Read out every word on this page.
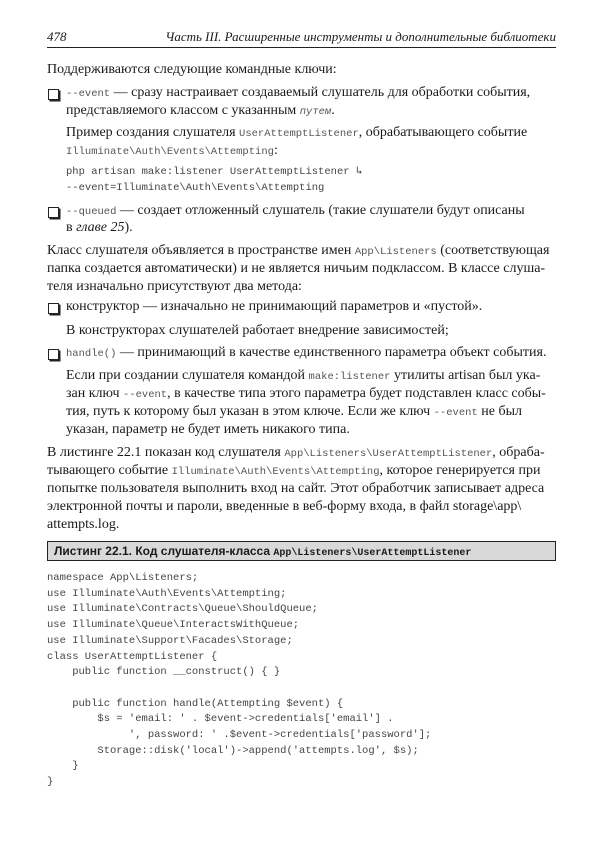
478	Часть III. Расширенные инструменты и дополнительные библиотеки
Поддерживаются следующие командные ключи:
--event — сразу настраивает создаваемый слушатель для обработки события,
представляемого классом с указанным путем.
Пример создания слушателя UserAttemptListener, обрабатывающего событие
Illuminate\Auth\Events\Attempting:
php artisan make:listener UserAttemptListener ↳
--event=Illuminate\Auth\Events\Attempting
--queued — создает отложенный слушатель (такие слушатели будут описаны
в главе 25).
Класс слушателя объявляется в пространстве имен App\Listeners (соответствующая
папка создается автоматически) и не является ничьим подклассом. В классе слуша-
теля изначально присутствуют два метода:
конструктор — изначально не принимающий параметров и «пустой».
В конструкторах слушателей работает внедрение зависимостей;
handle() — принимающий в качестве единственного параметра объект события.
Если при создании слушателя командой make:listener утилиты artisan был ука-
зан ключ --event, в качестве типа этого параметра будет подставлен класс собы-
тия, путь к которому был указан в этом ключе. Если же ключ --event не был
указан, параметр не будет иметь никакого типа.
В листинге 22.1 показан код слушателя App\Listeners\UserAttemptListener, обраба-
тывающего событие Illuminate\Auth\Events\Attempting, которое генерируется при
попытке пользователя выполнить вход на сайт. Этот обработчик записывает адреса
электронной почты и пароли, введенные в веб-форму входа, в файл storage\app\
attempts.log.
Листинг 22.1. Код слушателя-класса App\Listeners\UserAttemptListener
namespace App\Listeners;
use Illuminate\Auth\Events\Attempting;
use Illuminate\Contracts\Queue\ShouldQueue;
use Illuminate\Queue\InteractsWithQueue;
use Illuminate\Support\Facades\Storage;
class UserAttemptListener {
public function __construct() { }
public function handle(Attempting $event) {
$s = 'email: ' . $event->credentials['email'] .
', password: ' .$event->credentials['password'];
Storage::disk('local')->append('attempts.log', $s);
}
}
